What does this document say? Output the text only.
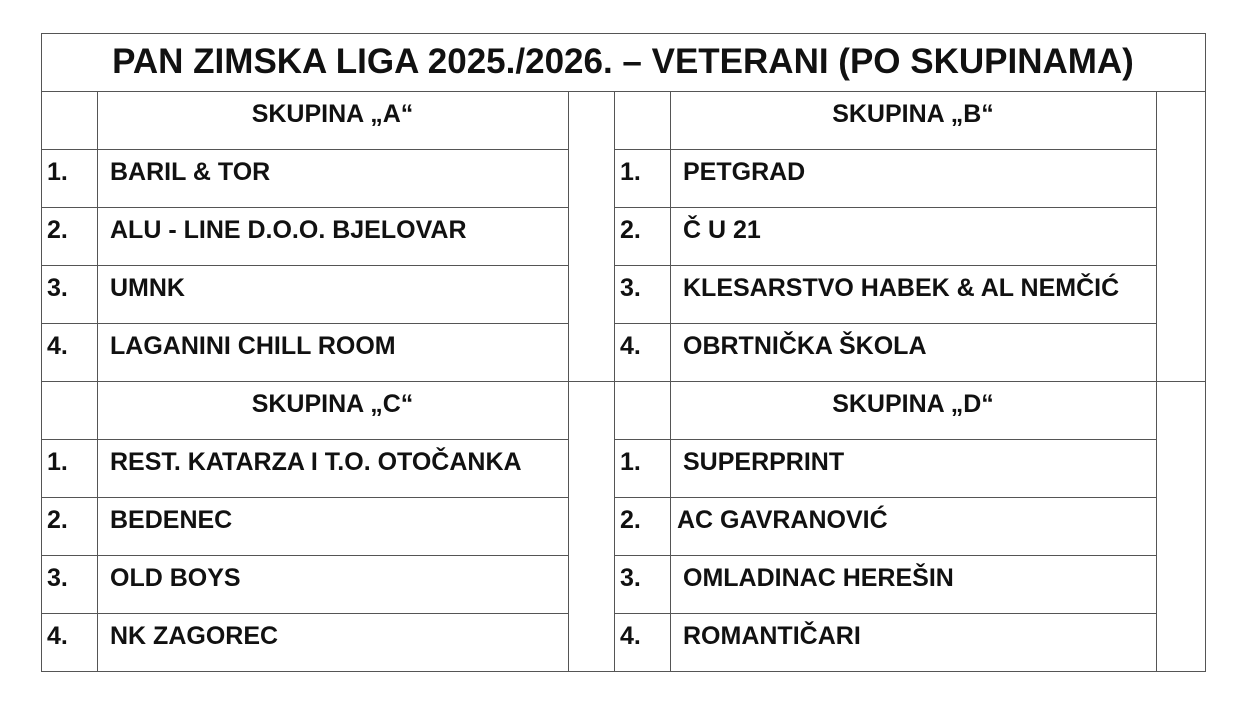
PAN ZIMSKA LIGA 2025./2026. – VETERANI (PO SKUPINAMA)
SKUPINA „A“
1.	BARIL & TOR
2.	ALU - LINE D.O.O. BJELOVAR
3.	UMNK
4.	LAGANINI CHILL ROOM
SKUPINA „B“
1.	PETGRAD
2.	Č U 21
3.	KLESARSTVO HABEK & AL NEMČIĆ
4.	OBRTNIČKA ŠKOLA
SKUPINA „C“
1.	REST. KATARZA I T.O. OTOČANKA
2.	BEDENEC
3.	OLD BOYS
4.	NK ZAGOREC
SKUPINA „D“
1.	SUPERPRINT
2.	AC GAVRANOVIĆ
3.	OMLADINAC HEREŠIN
4.	ROMANTIČARI
